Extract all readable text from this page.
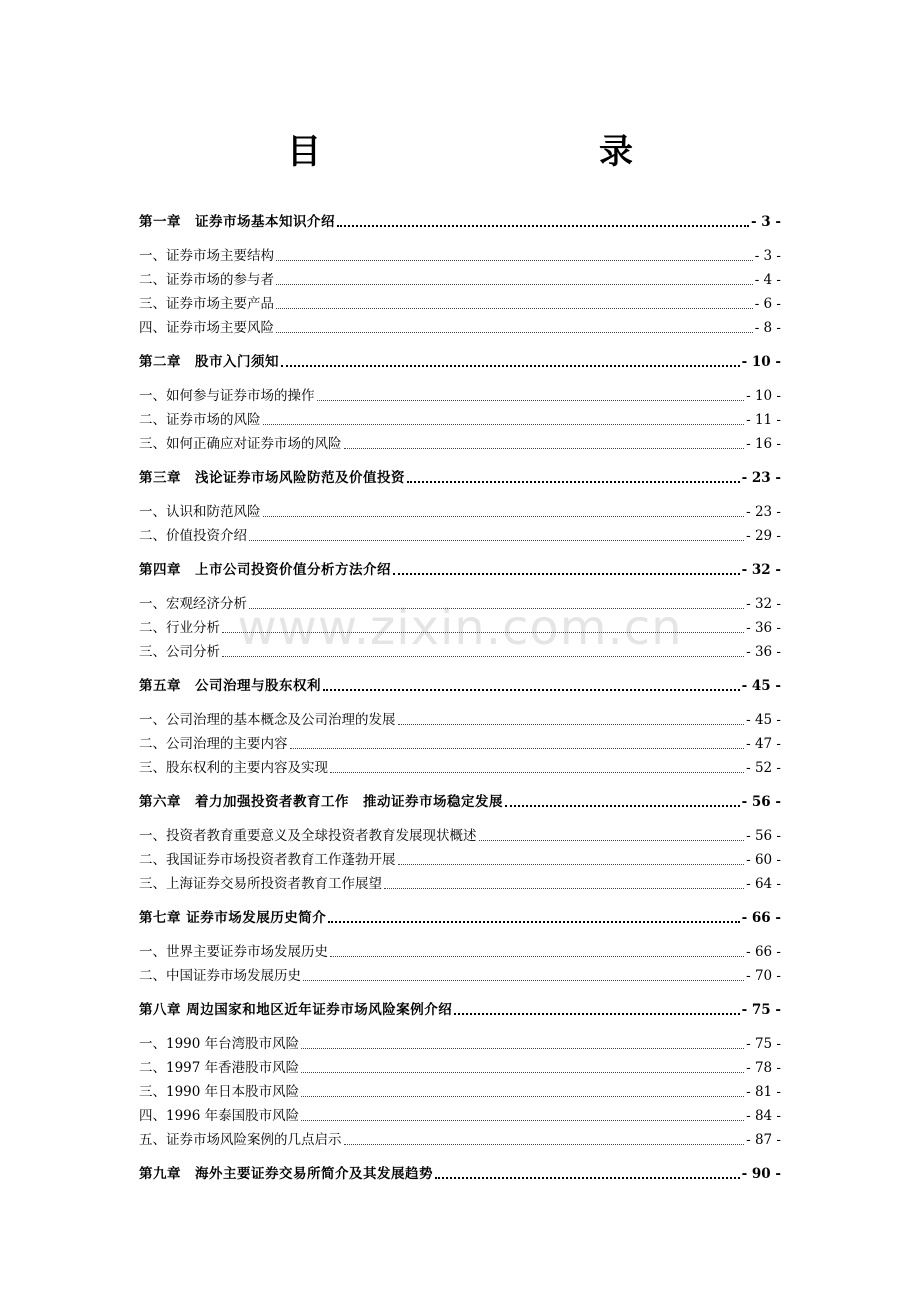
目　　录
www.zixin.com.cn
第一章　证券市场基本知识介绍	- 3 -
一、证券市场主要结构	- 3 -
二、证券市场的参与者	- 4 -
三、证券市场主要产品	- 6 -
四、证券市场主要风险	- 8 -
第二章　股市入门须知	- 10 -
一、如何参与证券市场的操作	- 10 -
二、证券市场的风险	- 11 -
三、如何正确应对证券市场的风险	- 16 -
第三章　浅论证券市场风险防范及价值投资	- 23 -
一、认识和防范风险	- 23 -
二、价值投资介绍	- 29 -
第四章　上市公司投资价值分析方法介绍	- 32 -
一、宏观经济分析	- 32 -
二、行业分析	- 36 -
三、公司分析	- 36 -
第五章　公司治理与股东权利	- 45 -
一、公司治理的基本概念及公司治理的发展	- 45 -
二、公司治理的主要内容	- 47 -
三、股东权利的主要内容及实现	- 52 -
第六章　着力加强投资者教育工作　推动证券市场稳定发展	- 56 -
一、投资者教育重要意义及全球投资者教育发展现状概述	- 56 -
二、我国证券市场投资者教育工作蓬勃开展	- 60 -
三、上海证券交易所投资者教育工作展望	- 64 -
第七章 证券市场发展历史简介	- 66 -
一、世界主要证券市场发展历史	- 66 -
二、中国证券市场发展历史	- 70 -
第八章 周边国家和地区近年证券市场风险案例介绍	- 75 -
一、1990 年台湾股市风险	- 75 -
二、1997 年香港股市风险	- 78 -
三、1990 年日本股市风险	- 81 -
四、1996 年泰国股市风险	- 84 -
五、证券市场风险案例的几点启示	- 87 -
第九章　海外主要证券交易所简介及其发展趋势	- 90 -
